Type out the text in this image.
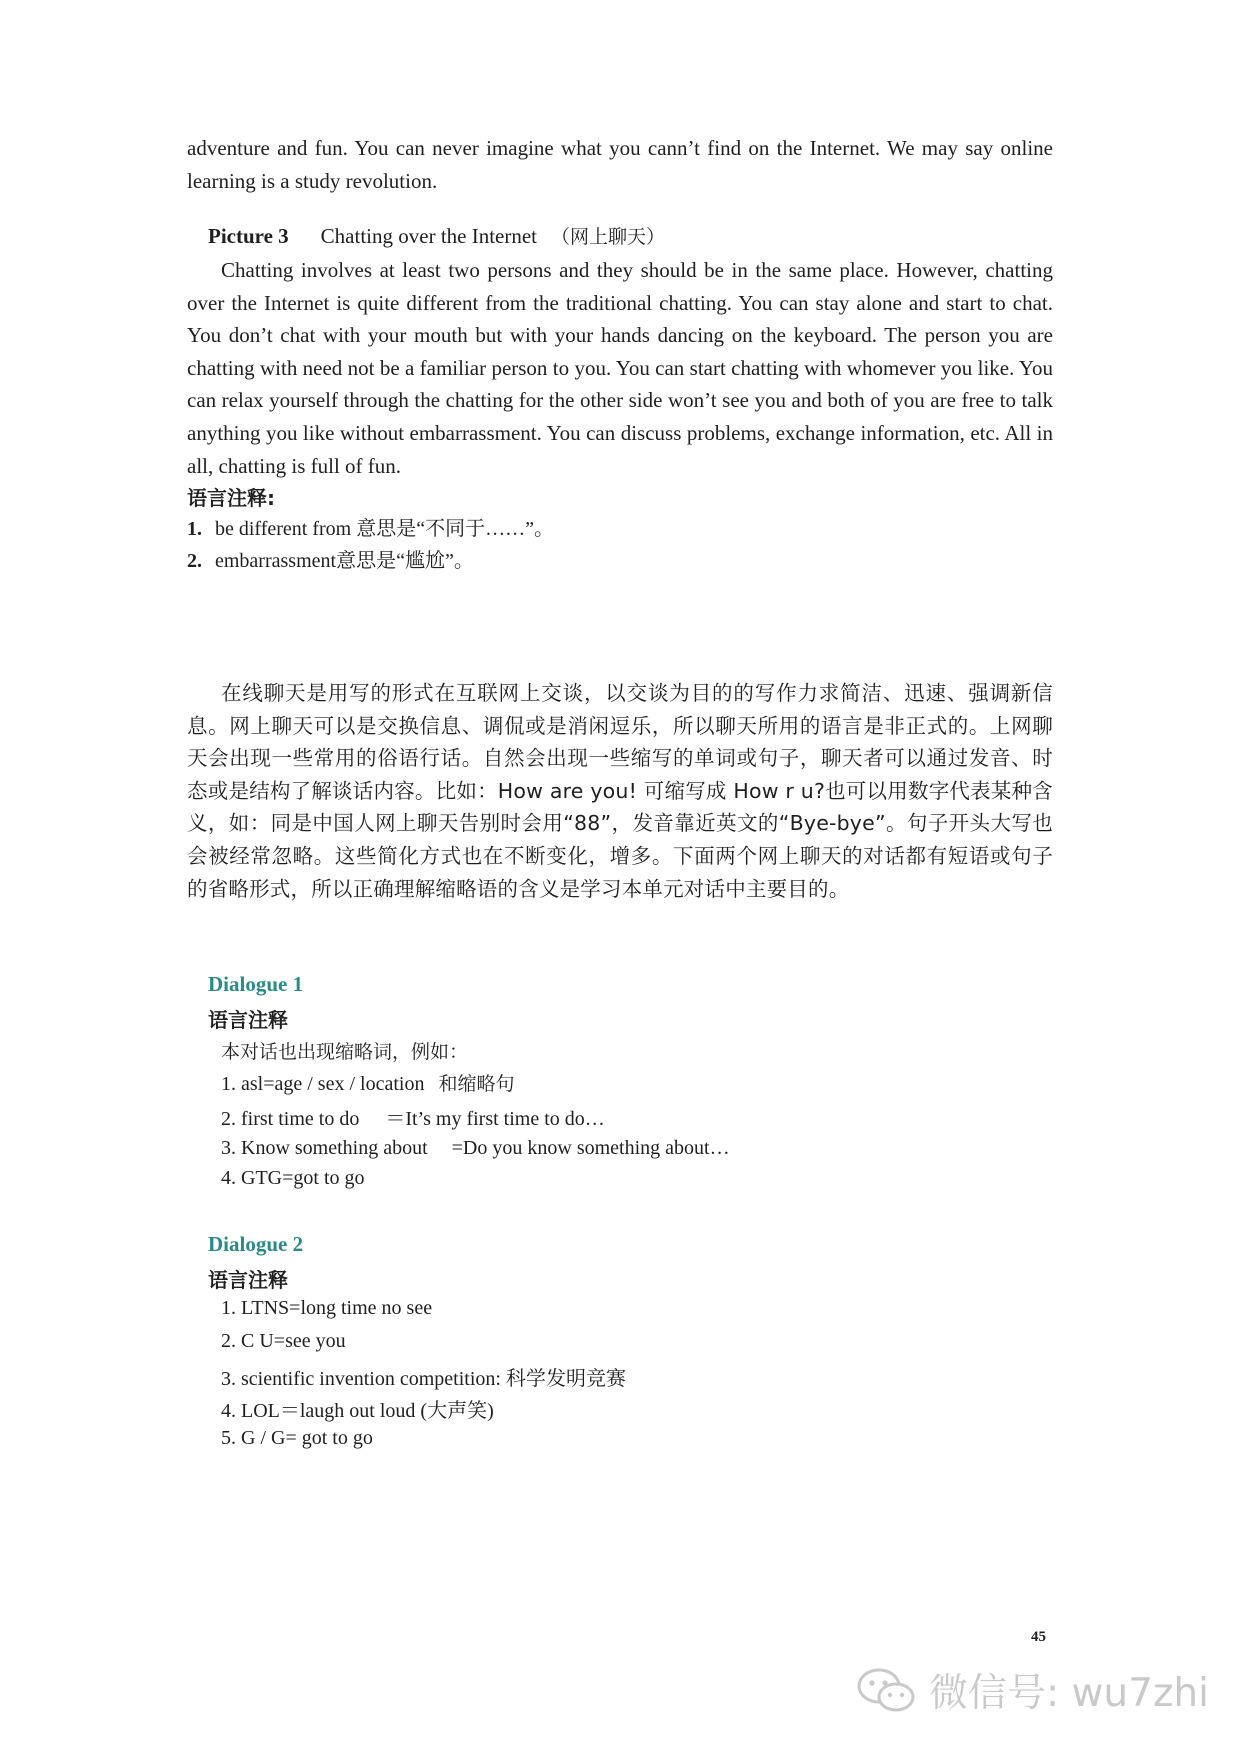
adventure and fun. You can never imagine what you cann’t find on the Internet. We may say online learning is a study revolution.

Picture 3 Chatting over the Internet （网上聊天）

Chatting involves at least two persons and they should be in the same place. However, chatting over the Internet is quite different from the traditional chatting. You can stay alone and start to chat. You don’t chat with your mouth but with your hands dancing on the keyboard. The person you are chatting with need not be a familiar person to you. You can start chatting with whomever you like. You can relax yourself through the chatting for the other side won’t see you and both of you are free to talk anything you like without embarrassment. You can discuss problems, exchange information, etc. All in all, chatting is full of fun.

语言注释:
1. be different from 意思是“不同于……”。
2. embarrassment意思是“尴尬”。

在线聊天是用写的形式在互联网上交谈，以交谈为目的的写作力求简洁、迅速、强调新信息。网上聊天可以是交换信息、调侃或是消闲逗乐，所以聊天所用的语言是非正式的。上网聊天会出现一些常用的俗语行话。自然会出现一些缩写的单词或句子，聊天者可以通过发音、时态或是结构了解谈话内容。比如：How are you! 可缩写成 How r u?也可以用数字代表某种含义，如：同是中国人网上聊天告别时会用“88”，发音靠近英文的“Bye-bye”。句子开头大写也会被经常忽略。这些简化方式也在不断变化，增多。下面两个网上聊天的对话都有短语或句子的省略形式，所以正确理解缩略语的含义是学习本单元对话中主要目的。

Dialogue 1
语言注释
本对话也出现缩略词，例如：
1. asl=age / sex / location 和缩略句
2. first time to do ＝It’s my first time to do…
3. Know something about =Do you know something about…
4. GTG=got to go
Dialogue 2
语言注释
1. LTNS=long time no see
2. C U=see you
3. scientific invention competition: 科学发明竞赛
4. LOL＝laugh out loud (大声笑)
5. G / G= got to go
45
微信号: wu7zhi
